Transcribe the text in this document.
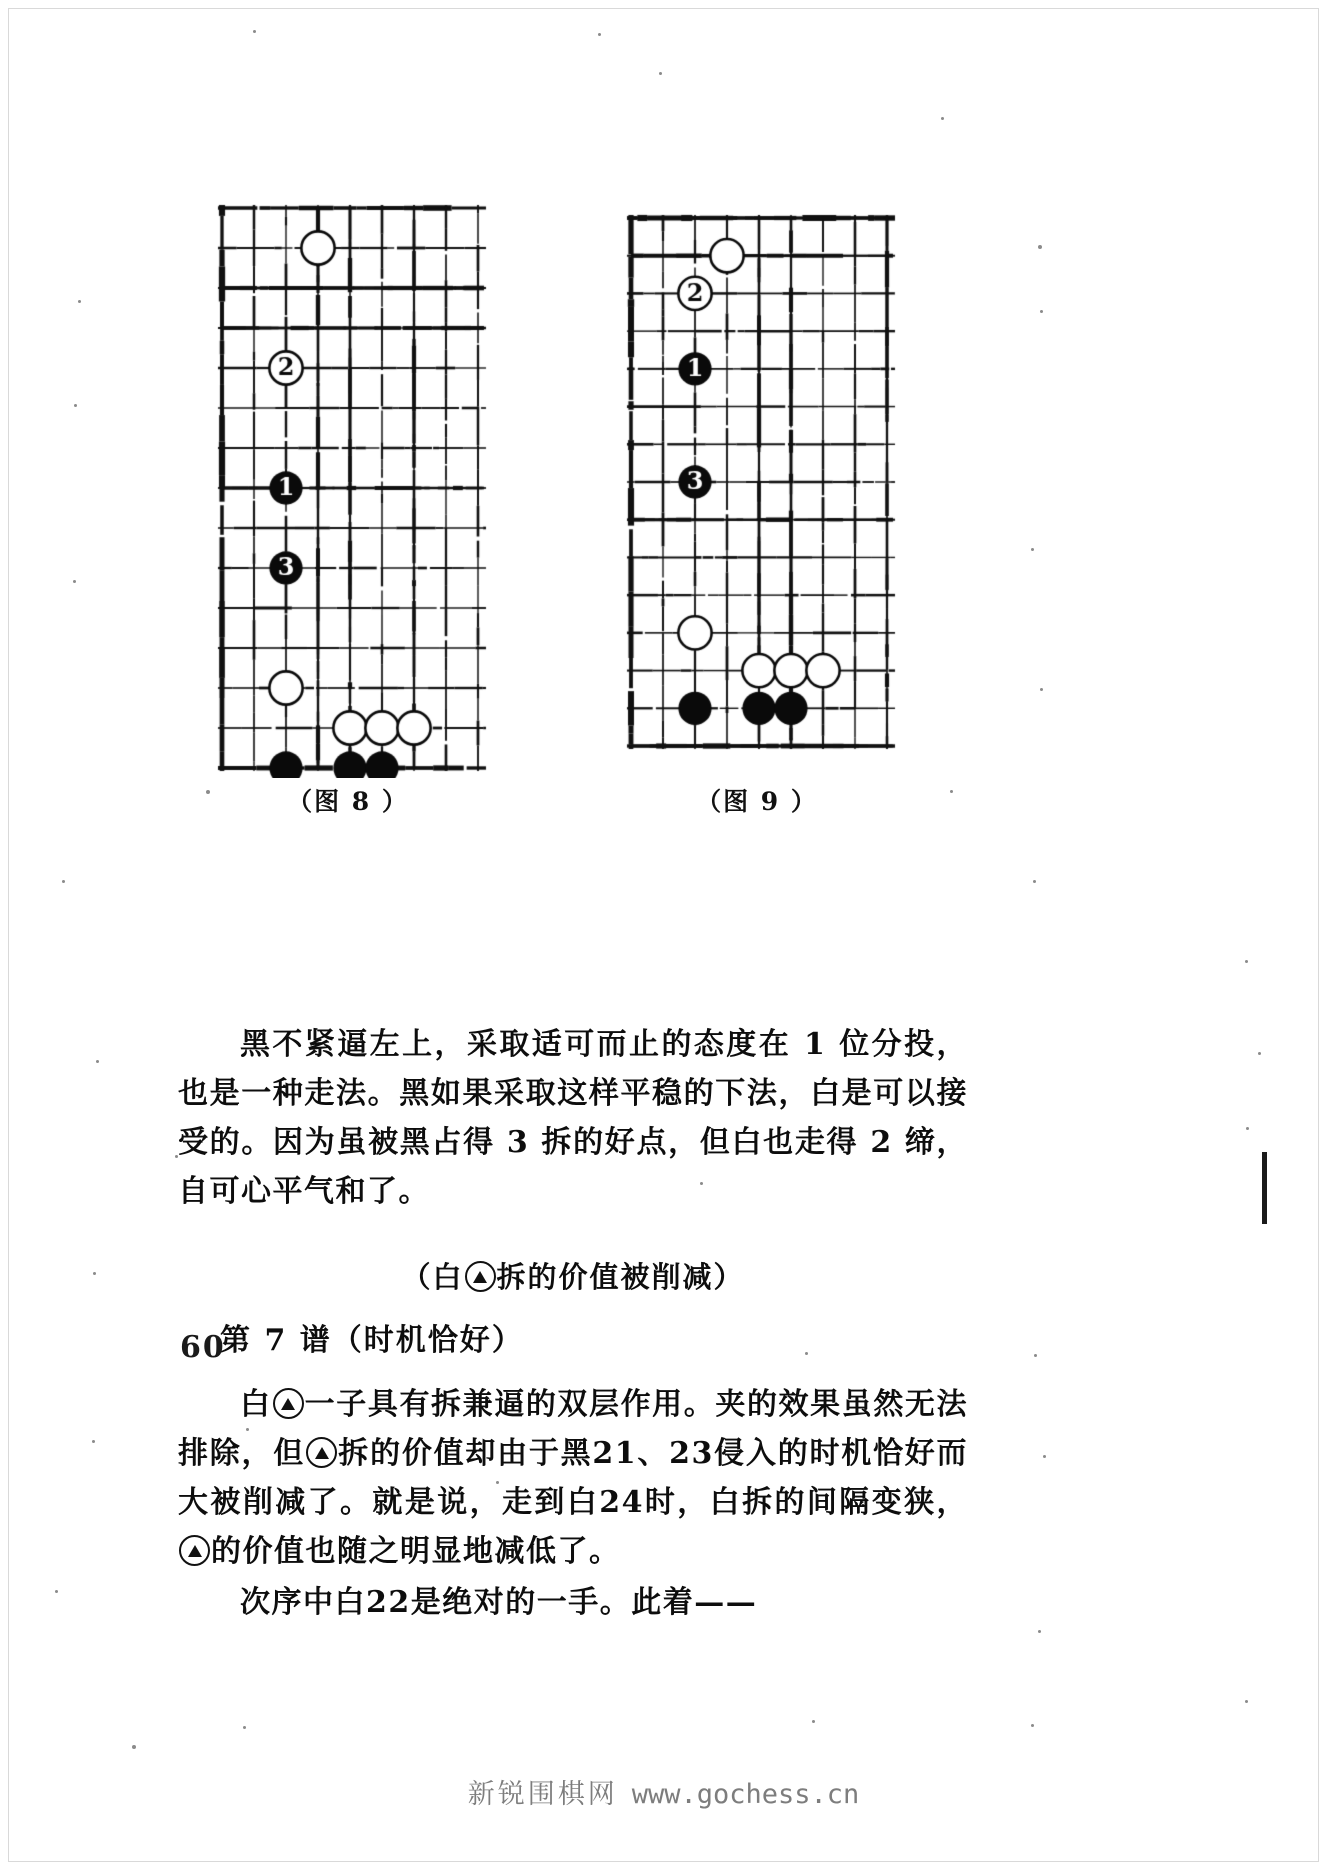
（图 8 ）	（图 9 ）

黑不紧逼左上，采取适可而止的态度在 1 位分投，也是一种走法。黑如果采取这样平稳的下法，白是可以接受的。因为虽被黑占得 3 拆的好点，但白也走得 2 缔，自可心平气和了。

（白 拆的价值被削减）

第 7 谱（时机恰好）

白 一子具有拆兼逼的双层作用。夹的效果虽然无法排除，但 拆的价值却由于黑21、23侵入的时机恰好而大被削减了。就是说，走到白24时，白拆的间隔变狭，的价值也随之明显地减低了。

次序中白22是绝对的一手。此着——

60
新锐围棋网 www.gochess.cn
